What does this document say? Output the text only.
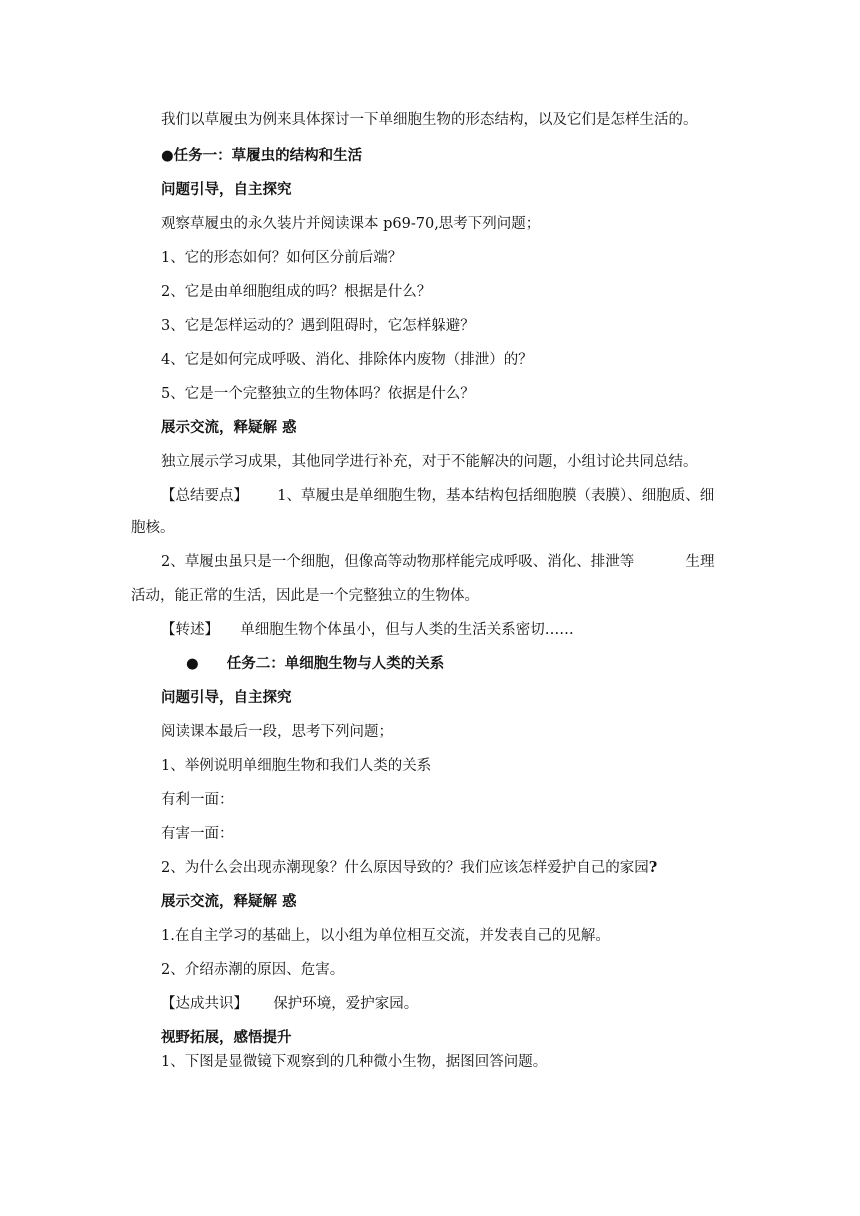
我们以草履虫为例来具体探讨一下单细胞生物的形态结构，以及它们是怎样生活的。
●任务一：草履虫的结构和生活
问题引导，自主探究
观察草履虫的永久装片并阅读课本 p69-70,思考下列问题；
1、它的形态如何？如何区分前后端？
2、它是由单细胞组成的吗？根据是什么？
3、它是怎样运动的？遇到阻碍时，它怎样躲避？
4、它是如何完成呼吸、消化、排除体内废物（排泄）的？
5、它是一个完整独立的生物体吗？依据是什么？
展示交流，释疑解 惑
独立展示学习成果，其他同学进行补充，对于不能解决的问题，小组讨论共同总结。
【总结要点】 1、草履虫是单细胞生物，基本结构包括细胞膜（表膜）、细胞质、细
胞核。
2、草履虫虽只是一个细胞，但像高等动物那样能完成呼吸、消化、排泄等	生理
活动，能正常的生活，因此是一个完整独立的生物体。
【转述】 单细胞生物个体虽小，但与人类的生活关系密切……
● 任务二：单细胞生物与人类的关系
问题引导，自主探究
阅读课本最后一段，思考下列问题；
1、举例说明单细胞生物和我们人类的关系
有利一面：
有害一面：
2、为什么会出现赤潮现象？什么原因导致的？我们应该怎样爱护自己的家园?
展示交流，释疑解 惑
1.在自主学习的基础上，以小组为单位相互交流，并发表自己的见解。
2、介绍赤潮的原因、危害。
【达成共识】 保护环境，爱护家园。
视野拓展，感悟提升
1、下图是显微镜下观察到的几种微小生物，据图回答问题。
